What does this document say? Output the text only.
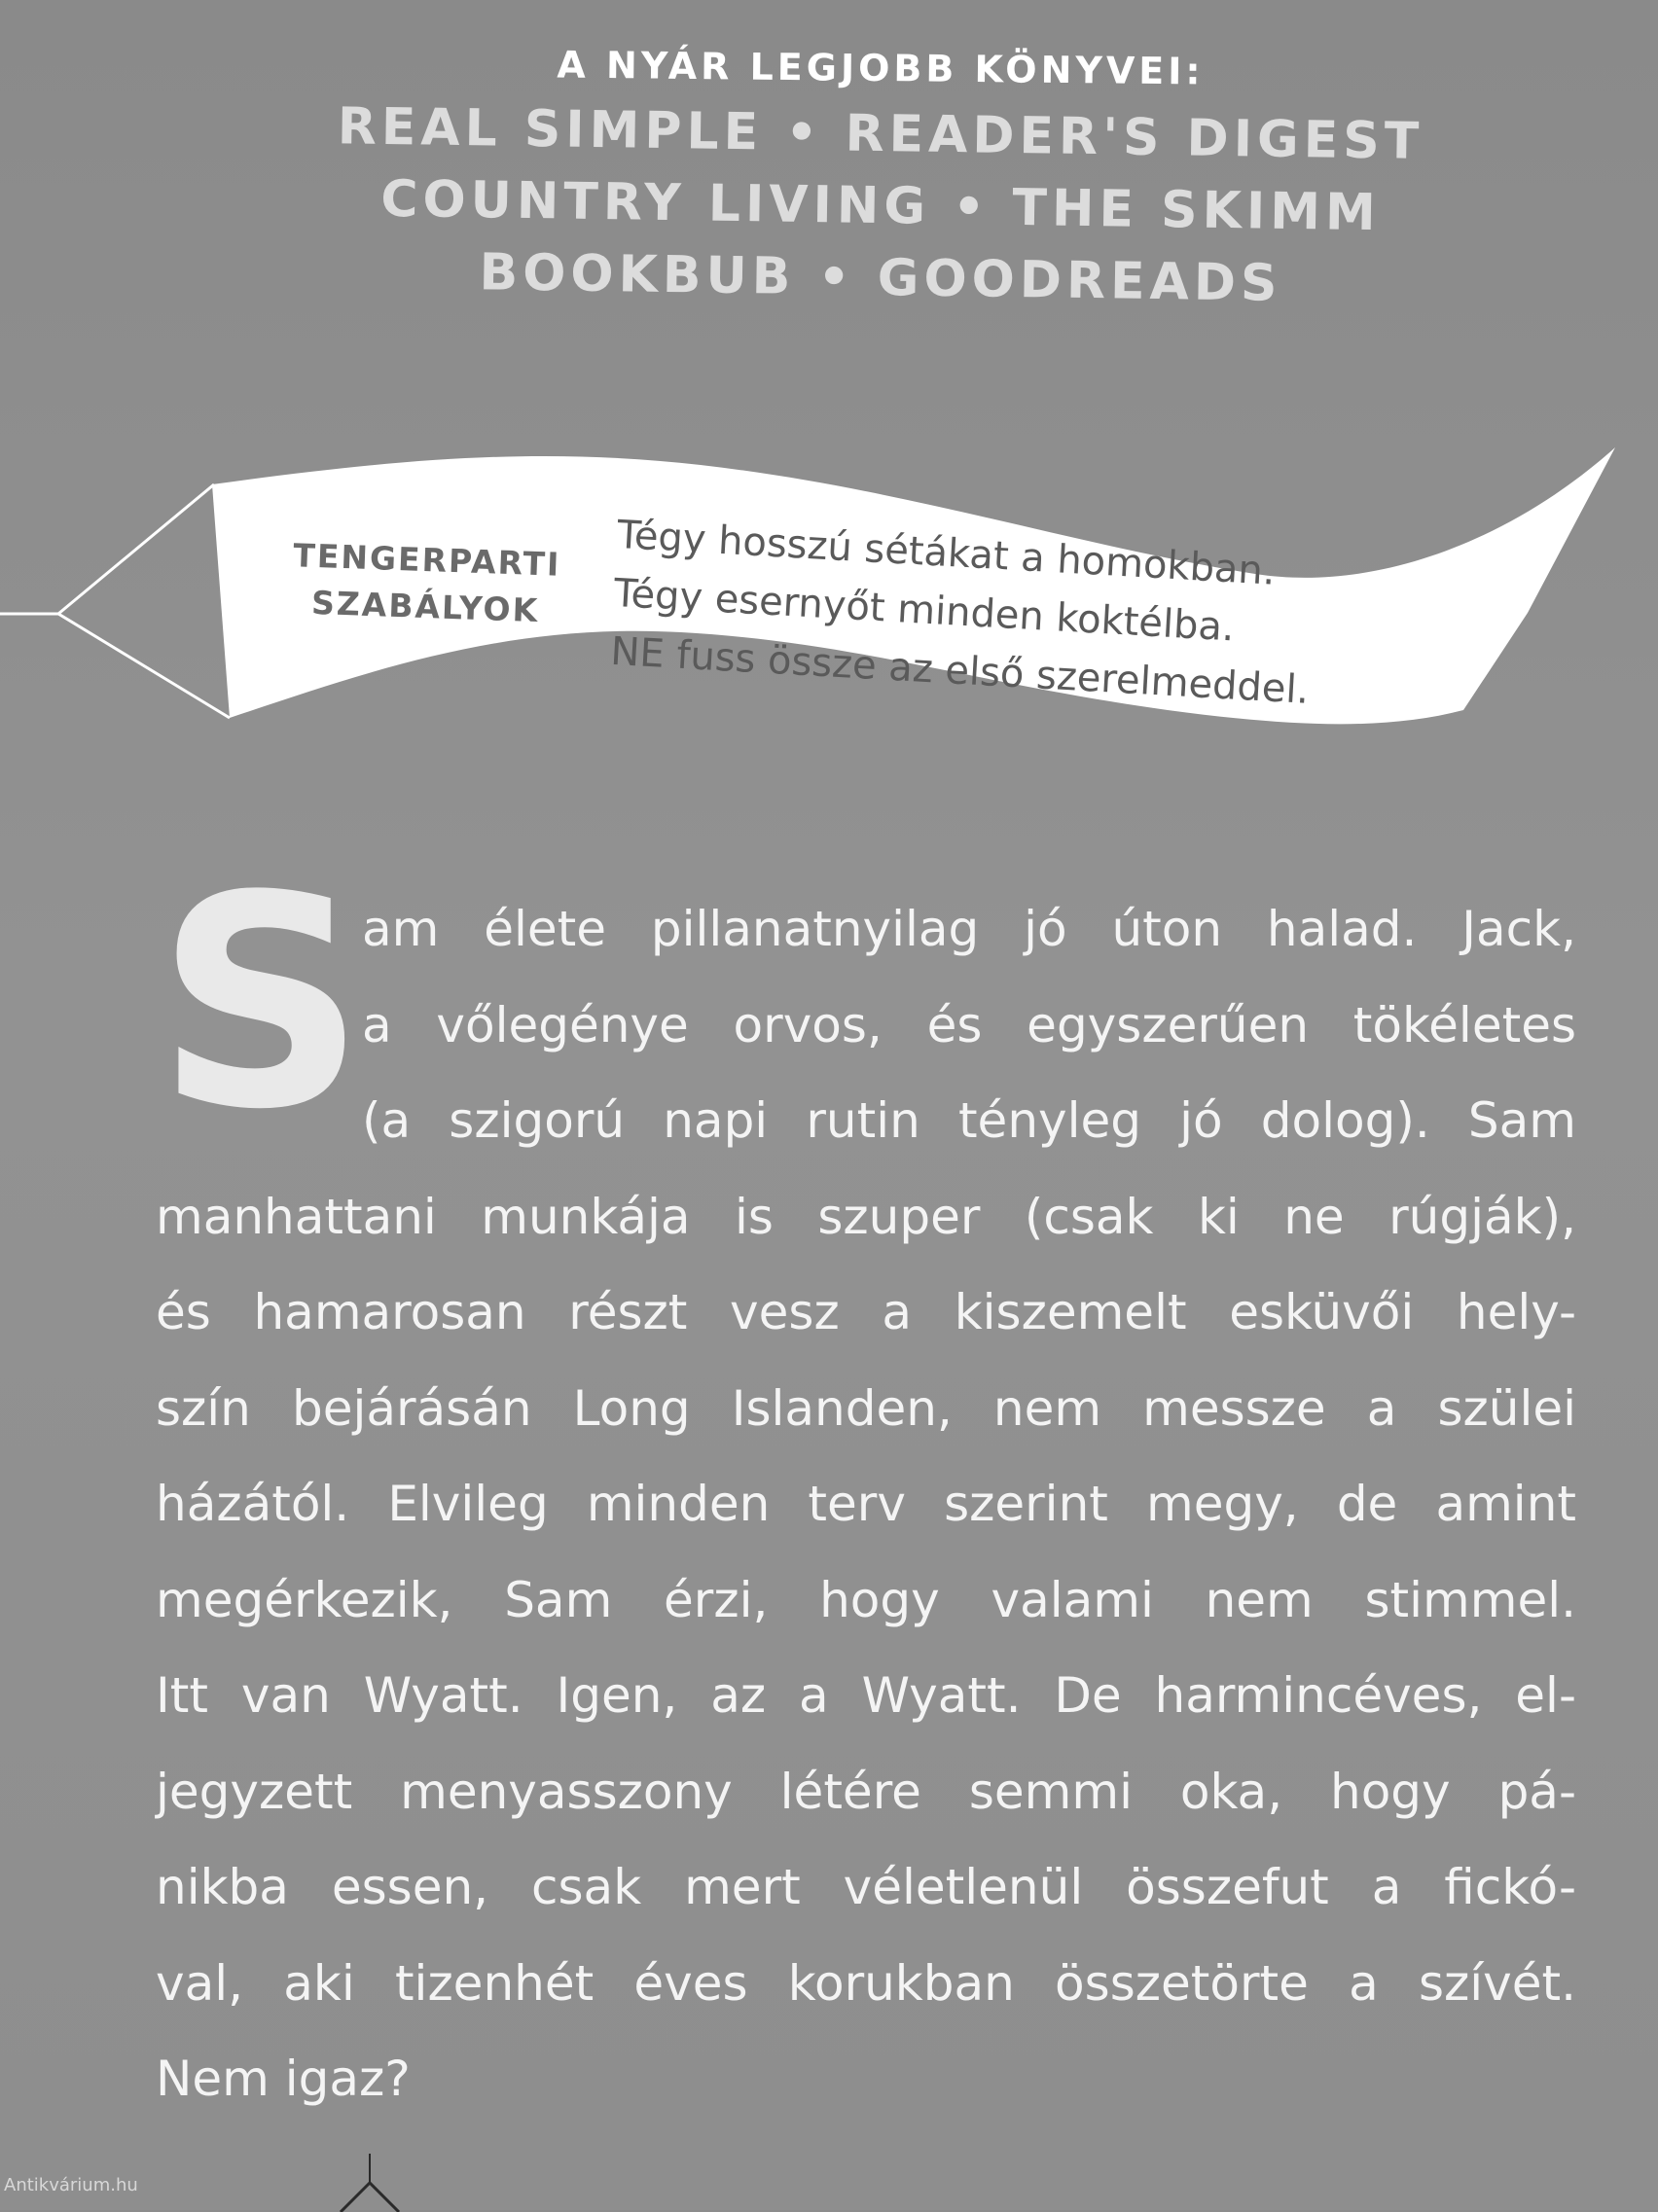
A NYÁR LEGJOBB KÖNYVEI:
REAL SIMPLE • READER'S DIGEST
COUNTRY LIVING • THE SKIMM
BOOKBUB • GOODREADS
TENGERPARTI
SZABÁLYOK
Tégy hosszú sétákat a homokban.
Tégy esernyőt minden koktélba.
NE fuss össze az első szerelmeddel.
S
am élete pillanatnyilag jó úton halad. Jack,
a vőlegénye orvos, és egyszerűen tökéletes
(a szigorú napi rutin tényleg jó dolog). Sam
manhattani munkája is szuper (csak ki ne rúgják),
és hamarosan részt vesz a kiszemelt esküvői hely-
szín bejárásán Long Islanden, nem messze a szülei
házától. Elvileg minden terv szerint megy, de amint
megérkezik, Sam érzi, hogy valami nem stimmel.
Itt van Wyatt. Igen, az a Wyatt. De harmincéves, el-
jegyzett menyasszony létére semmi oka, hogy pá-
nikba essen, csak mert véletlenül összefut a fickó-
val, aki tizenhét éves korukban összetörte a szívét.
Nem igaz?
Antikvárium.hu
